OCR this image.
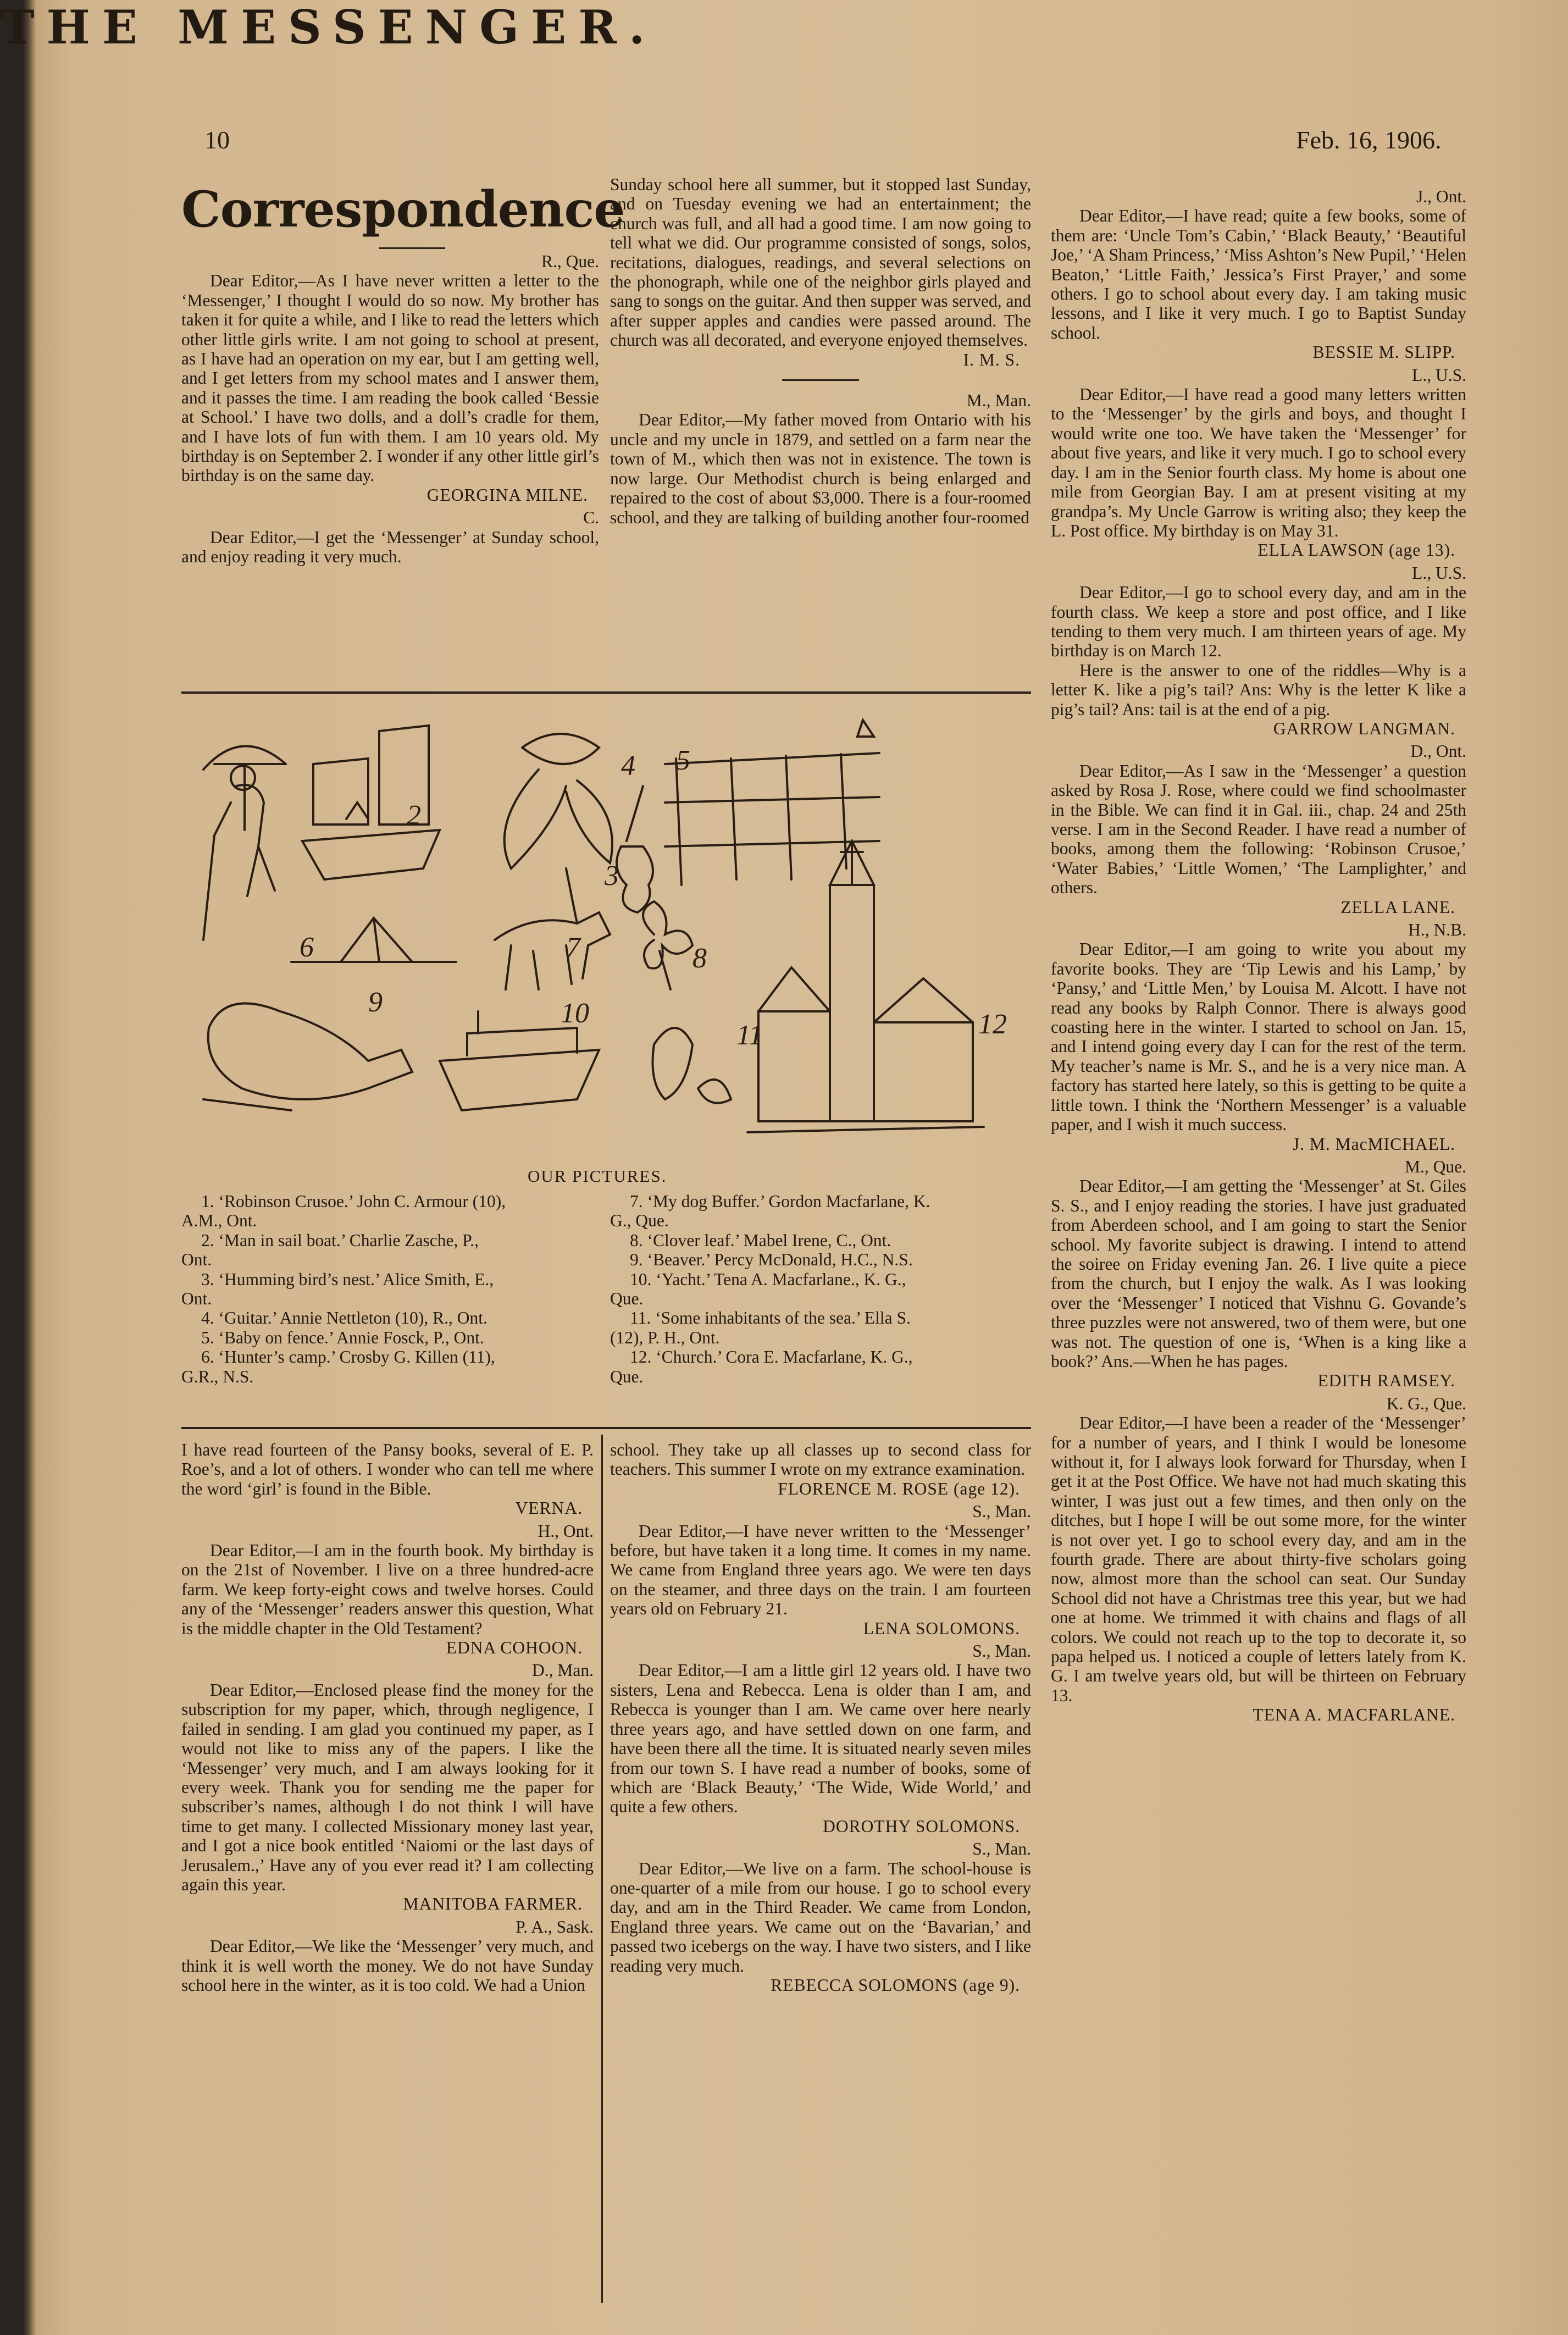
10
THE MESSENGER.
Feb. 16, 1906.
Correspondence

R., Que.

Dear Editor,—As I have never written a letter to the ‘Messenger,’ I thought I would do so now. My brother has taken it for quite a while, and I like to read the letters which other little girls write. I am not going to school at present, as I have had an operation on my ear, but I am getting well, and I get letters from my school mates and I answer them, and it passes the time. I am reading the book called ‘Bessie at School.’ I have two dolls, and a doll’s cradle for them, and I have lots of fun with them. I am 10 years old. My birthday is on September 2. I wonder if any other little girl’s birthday is on the same day.

GEORGINA MILNE.

C.

Dear Editor,—I get the ‘Messenger’ at Sunday school, and enjoy reading it very much.

Sunday school here all summer, but it stopped last Sunday, and on Tuesday evening we had an entertainment; the church was full, and all had a good time. I am now going to tell what we did. Our programme consisted of songs, solos, recitations, dialogues, readings, and several selections on the phonograph, while one of the neighbor girls played and sang to songs on the guitar. And then supper was served, and after supper apples and candies were passed around. The church was all decorated, and everyone enjoyed themselves.

I. M. S.

M., Man.

Dear Editor,—My father moved from Ontario with his uncle and my uncle in 1879, and settled on a farm near the town of M., which then was not in existence. The town is now large. Our Methodist church is being enlarged and repaired to the cost of about $3,000. There is a four-roomed school, and they are talking of building another four-roomed

J., Ont.

Dear Editor,—I have read; quite a few books, some of them are: ‘Uncle Tom’s Cabin,’ ‘Black Beauty,’ ‘Beautiful Joe,’ ‘A Sham Princess,’ ‘Miss Ashton’s New Pupil,’ ‘Helen Beaton,’ ‘Little Faith,’ Jessica’s First Prayer,’ and some others. I go to school about every day. I am taking music lessons, and I like it very much. I go to Baptist Sunday school.

BESSIE M. SLIPP.

L., U.S.

Dear Editor,—I have read a good many letters written to the ‘Messenger’ by the girls and boys, and thought I would write one too. We have taken the ‘Messenger’ for about five years, and like it very much. I go to school every day. I am in the Senior fourth class. My home is about one mile from Georgian Bay. I am at present visiting at my grandpa’s. My Uncle Garrow is writing also; they keep the L. Post office. My birthday is on May 31.

ELLA LAWSON (age 13).

L., U.S.

Dear Editor,—I go to school every day, and am in the fourth class. We keep a store and post office, and I like tending to them very much. I am thirteen years of age. My birthday is on March 12.

Here is the answer to one of the riddles—Why is a letter K. like a pig’s tail? Ans: Why is the letter K like a pig’s tail? Ans: tail is at the end of a pig.

GARROW LANGMAN.

D., Ont.

Dear Editor,—As I saw in the ‘Messenger’ a question asked by Rosa J. Rose, where could we find schoolmaster in the Bible. We can find it in Gal. iii., chap. 24 and 25th verse. I am in the Second Reader. I have read a number of books, among them the following: ‘Robinson Crusoe,’ ‘Water Babies,’ ‘Little Women,’ ‘The Lamplighter,’ and others.

ZELLA LANE.

H., N.B.

Dear Editor,—I am going to write you about my favorite books. They are ‘Tip Lewis and his Lamp,’ by ‘Pansy,’ and ‘Little Men,’ by Louisa M. Alcott. I have not read any books by Ralph Connor. There is always good coasting here in the winter. I started to school on Jan. 15, and I intend going every day I can for the rest of the term. My teacher’s name is Mr. S., and he is a very nice man. A factory has started here lately, so this is getting to be quite a little town. I think the ‘Northern Messenger’ is a valuable paper, and I wish it much success.

J. M. MacMICHAEL.

M., Que.

Dear Editor,—I am getting the ‘Messenger’ at St. Giles S. S., and I enjoy reading the stories. I have just graduated from Aberdeen school, and I am going to start the Senior school. My favorite subject is drawing. I intend to attend the soiree on Friday evening Jan. 26. I live quite a piece from the church, but I enjoy the walk. As I was looking over the ‘Messenger’ I noticed that Vishnu G. Govande’s three puzzles were not answered, two of them were, but one was not. The question of one is, ‘When is a king like a book?’ Ans.—When he has pages.

EDITH RAMSEY.

K. G., Que.

Dear Editor,—I have been a reader of the ‘Messenger’ for a number of years, and I think I would be lonesome without it, for I always look forward for Thursday, when I get it at the Post Office. We have not had much skating this winter, I was just out a few times, and then only on the ditches, but I hope I will be out some more, for the winter is not over yet. I go to school every day, and am in the fourth grade. There are about thirty-five scholars going now, almost more than the school can seat. Our Sunday School did not have a Christmas tree this year, but we had one at home. We trimmed it with chains and flags of all colors. We could not reach up to the top to decorate it, so papa helped us. I noticed a couple of letters lately from K. G. I am twelve years old, but will be thirteen on February 13.

TENA A. MACFARLANE.

6
2
3
4 5
7	8
9	10
11	12
OUR PICTURES.
1. ‘Robinson Crusoe.’ John C. Armour (10),
A.M., Ont.
2. ‘Man in sail boat.’ Charlie Zasche, P.,
Ont.
3. ‘Humming bird’s nest.’ Alice Smith, E.,
Ont.
4. ‘Guitar.’ Annie Nettleton (10), R., Ont.
5. ‘Baby on fence.’ Annie Fosck, P., Ont.
6. ‘Hunter’s camp.’ Crosby G. Killen (11),
G.R., N.S.
7. ‘My dog Buffer.’ Gordon Macfarlane, K.
G., Que.
8. ‘Clover leaf.’ Mabel Irene, C., Ont.
9. ‘Beaver.’ Percy McDonald, H.C., N.S.
10. ‘Yacht.’ Tena A. Macfarlane., K. G.,
Que.
11. ‘Some inhabitants of the sea.’ Ella S.
(12), P. H., Ont.
12. ‘Church.’ Cora E. Macfarlane, K. G.,
Que.

I have read fourteen of the Pansy books, several of E. P. Roe’s, and a lot of others. I wonder who can tell me where the word ‘girl’ is found in the Bible.

VERNA.

H., Ont.

Dear Editor,—I am in the fourth book. My birthday is on the 21st of November. I live on a three hundred-acre farm. We keep forty-eight cows and twelve horses. Could any of the ‘Messenger’ readers answer this question, What is the middle chapter in the Old Testament?

EDNA COHOON.

D., Man.

Dear Editor,—Enclosed please find the money for the subscription for my paper, which, through negligence, I failed in sending. I am glad you continued my paper, as I would not like to miss any of the papers. I like the ‘Messenger’ very much, and I am always looking for it every week. Thank you for sending me the paper for subscriber’s names, although I do not think I will have time to get many. I collected Missionary money last year, and I got a nice book entitled ‘Naiomi or the last days of Jerusalem.,’ Have any of you ever read it? I am collecting again this year.

MANITOBA FARMER.

P. A., Sask.

Dear Editor,—We like the ‘Messenger’ very much, and think it is well worth the money. We do not have Sunday school here in the winter, as it is too cold. We had a Union

school. They take up all classes up to second class for teachers. This summer I wrote on my extrance examination.

FLORENCE M. ROSE (age 12).

S., Man.

Dear Editor,—I have never written to the ‘Messenger’ before, but have taken it a long time. It comes in my name. We came from England three years ago. We were ten days on the steamer, and three days on the train. I am fourteen years old on February 21.

LENA SOLOMONS.

S., Man.

Dear Editor,—I am a little girl 12 years old. I have two sisters, Lena and Rebecca. Lena is older than I am, and Rebecca is younger than I am. We came over here nearly three years ago, and have settled down on one farm, and have been there all the time. It is situated nearly seven miles from our town S. I have read a number of books, some of which are ‘Black Beauty,’ ‘The Wide, Wide World,’ and quite a few others.

DOROTHY SOLOMONS.

S., Man.

Dear Editor,—We live on a farm. The school-house is one-quarter of a mile from our house. I go to school every day, and am in the Third Reader. We came from London, England three years. We came out on the ‘Bavarian,’ and passed two icebergs on the way. I have two sisters, and I like reading very much.

REBECCA SOLOMONS (age 9).
